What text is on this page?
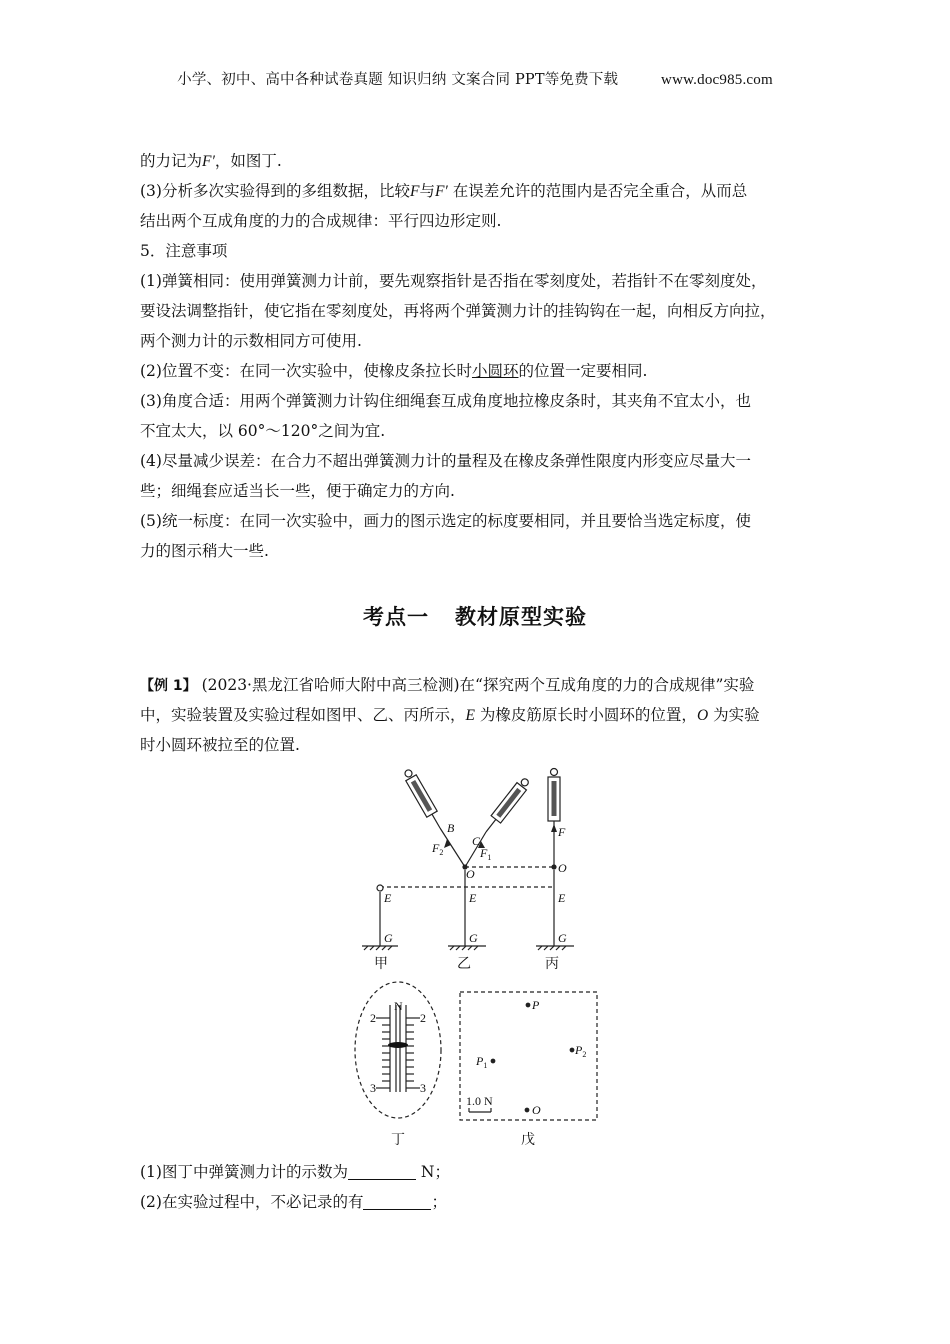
小学、初中、高中各种试卷真题 知识归纳 文案合同 PPT等免费下载	www.doc985.com
的力记为F′，如图丁.
(3)分析多次实验得到的多组数据，比较F与F′ 在误差允许的范围内是否完全重合，从而总
结出两个互成角度的力的合成规律：平行四边形定则.
5．注意事项
(1)弹簧相同：使用弹簧测力计前，要先观察指针是否指在零刻度处，若指针不在零刻度处，
要设法调整指针，使它指在零刻度处，再将两个弹簧测力计的挂钩钩在一起，向相反方向拉，
两个测力计的示数相同方可使用.
(2)位置不变：在同一次实验中，使橡皮条拉长时小圆环的位置一定要相同.
(3)角度合适：用两个弹簧测力计钩住细绳套互成角度地拉橡皮条时，其夹角不宜太小，也
不宜太大，以 60°～120°之间为宜.
(4)尽量减少误差：在合力不超出弹簧测力计的量程及在橡皮条弹性限度内形变应尽量大一
些；细绳套应适当长一些，便于确定力的方向.
(5)统一标度：在同一次实验中，画力的图示选定的标度要相同，并且要恰当选定标度，使
力的图示稍大一些.
考点一 教材原型实验
【例 1】 (2023·黑龙江省哈师大附中高三检测)在“探究两个互成角度的力的合成规律”实验
中，实验装置及实验过程如图甲、乙、丙所示，E 为橡皮筋原长时小圆环的位置，O 为实验
时小圆环被拉至的位置.
B
C
$F_2$	$F_1$
O
F
O
E	E	E
G	G	G
P
$P_1$
$P_2$
O
1.0 N
N
2	2
3	3
甲	乙	丙
丁	戊
(1)图丁中弹簧测力计的示数为	N；
(2)在实验过程中，不必记录的有	；
